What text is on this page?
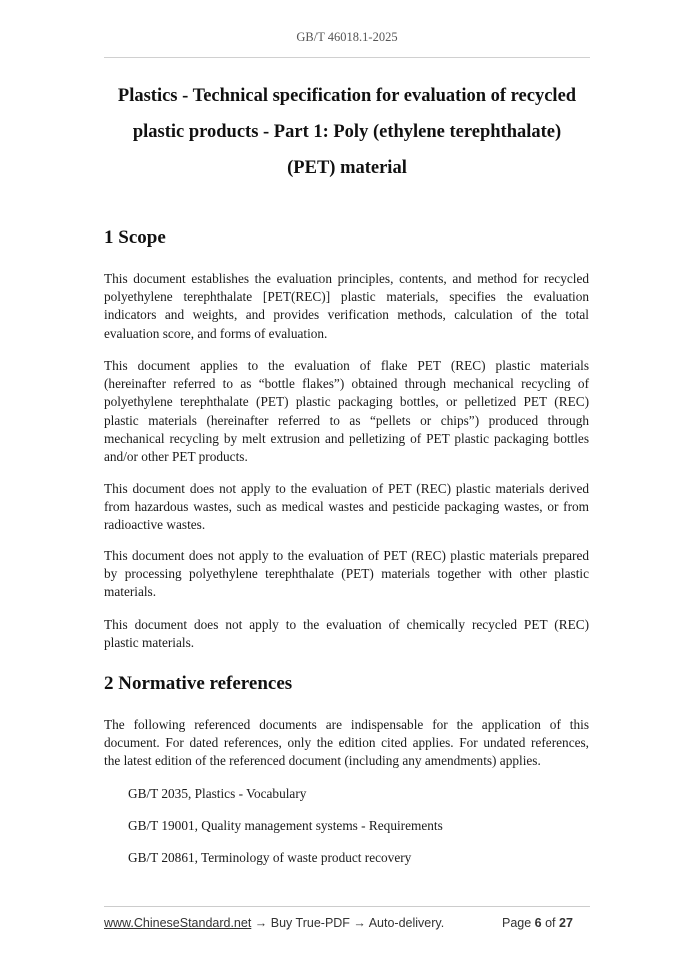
GB/T 46018.1-2025
Plastics - Technical specification for evaluation of recycled
plastic products - Part 1: Poly (ethylene terephthalate)
(PET) material
1 Scope
This document establishes the evaluation principles, contents, and method for recycled
polyethylene terephthalate [PET(REC)] plastic materials, specifies the evaluation
indicators and weights, and provides verification methods, calculation of the total
evaluation score, and forms of evaluation.
This document applies to the evaluation of flake PET (REC) plastic materials
(hereinafter referred to as “bottle flakes”) obtained through mechanical recycling of
polyethylene terephthalate (PET) plastic packaging bottles, or pelletized PET (REC)
plastic materials (hereinafter referred to as “pellets or chips”) produced through
mechanical recycling by melt extrusion and pelletizing of PET plastic packaging bottles
and/or other PET products.
This document does not apply to the evaluation of PET (REC) plastic materials derived
from hazardous wastes, such as medical wastes and pesticide packaging wastes, or from
radioactive wastes.
This document does not apply to the evaluation of PET (REC) plastic materials prepared
by processing polyethylene terephthalate (PET) materials together with other plastic
materials.
This document does not apply to the evaluation of chemically recycled PET (REC)
plastic materials.
2 Normative references
The following referenced documents are indispensable for the application of this
document. For dated references, only the edition cited applies. For undated references,
the latest edition of the referenced document (including any amendments) applies.

GB/T 2035, Plastics - Vocabulary

GB/T 19001, Quality management systems - Requirements

GB/T 20861, Terminology of waste product recovery

www.ChineseStandard.net → Buy True-PDF → Auto-delivery.	Page 6 of 27
